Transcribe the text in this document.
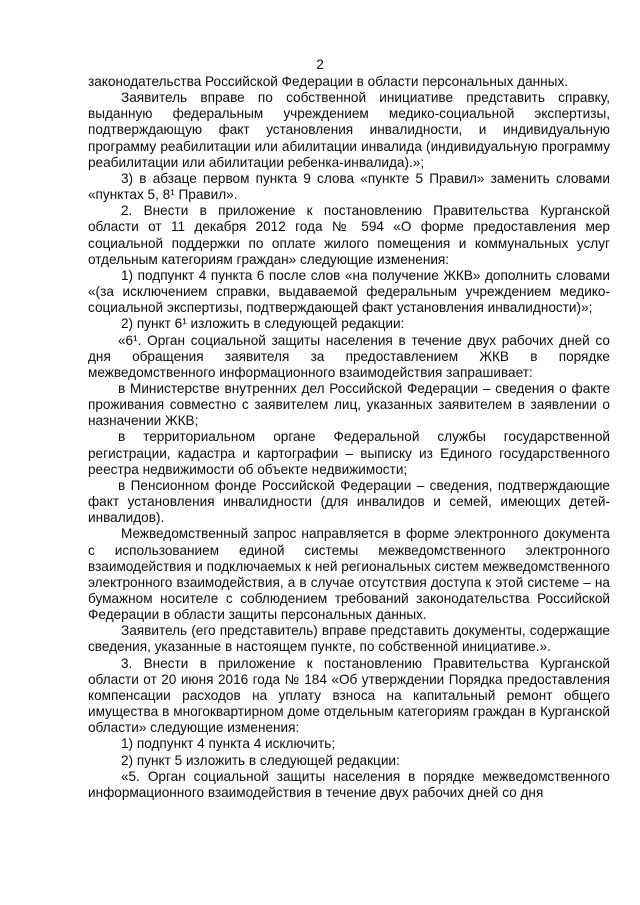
2

законодательства Российской Федерации в области персональных данных.

Заявитель вправе по собственной инициативе представить справку, выданную федеральным учреждением медико-социальной экспертизы, подтверждающую факт установления инвалидности, и индивидуальную программу реабилитации или абилитации инвалида (индивидуальную программу реабилитации или абилитации ребенка-инвалида).»;

3) в абзаце первом пункта 9 слова «пункте 5 Правил» заменить словами «пунктах 5, 8¹ Правил».

2. Внести в приложение к постановлению Правительства Курганской области от 11 декабря 2012 года № 594 «О форме предоставления мер социальной поддержки по оплате жилого помещения и коммунальных услуг отдельным категориям граждан» следующие изменения:

1) подпункт 4 пункта 6 после слов «на получение ЖКВ» дополнить словами «(за исключением справки, выдаваемой федеральным учреждением медико-социальной экспертизы, подтверждающей факт установления инвалидности)»;

2) пункт 6¹ изложить в следующей редакции:

«6¹. Орган социальной защиты населения в течение двух рабочих дней со дня обращения заявителя за предоставлением ЖКВ в порядке межведомственного информационного взаимодействия запрашивает:

в Министерстве внутренних дел Российской Федерации – сведения о факте проживания совместно с заявителем лиц, указанных заявителем в заявлении о назначении ЖКВ;

в территориальном органе Федеральной службы государственной регистрации, кадастра и картографии – выписку из Единого государственного реестра недвижимости об объекте недвижимости;

в Пенсионном фонде Российской Федерации – сведения, подтверждающие факт установления инвалидности (для инвалидов и семей, имеющих детей-инвалидов).

Межведомственный запрос направляется в форме электронного документа с использованием единой системы межведомственного электронного взаимодействия и подключаемых к ней региональных систем межведомственного электронного взаимодействия, а в случае отсутствия доступа к этой системе – на бумажном носителе с соблюдением требований законодательства Российской Федерации в области защиты персональных данных.

Заявитель (его представитель) вправе представить документы, содержащие сведения, указанные в настоящем пункте, по собственной инициативе.».

3. Внести в приложение к постановлению Правительства Курганской области от 20 июня 2016 года № 184 «Об утверждении Порядка предоставления компенсации расходов на уплату взноса на капитальный ремонт общего имущества в многоквартирном доме отдельным категориям граждан в Курганской области» следующие изменения:

1) подпункт 4 пункта 4 исключить;

2) пункт 5 изложить в следующей редакции:

«5. Орган социальной защиты населения в порядке межведомственного информационного взаимодействия в течение двух рабочих дней со дня
